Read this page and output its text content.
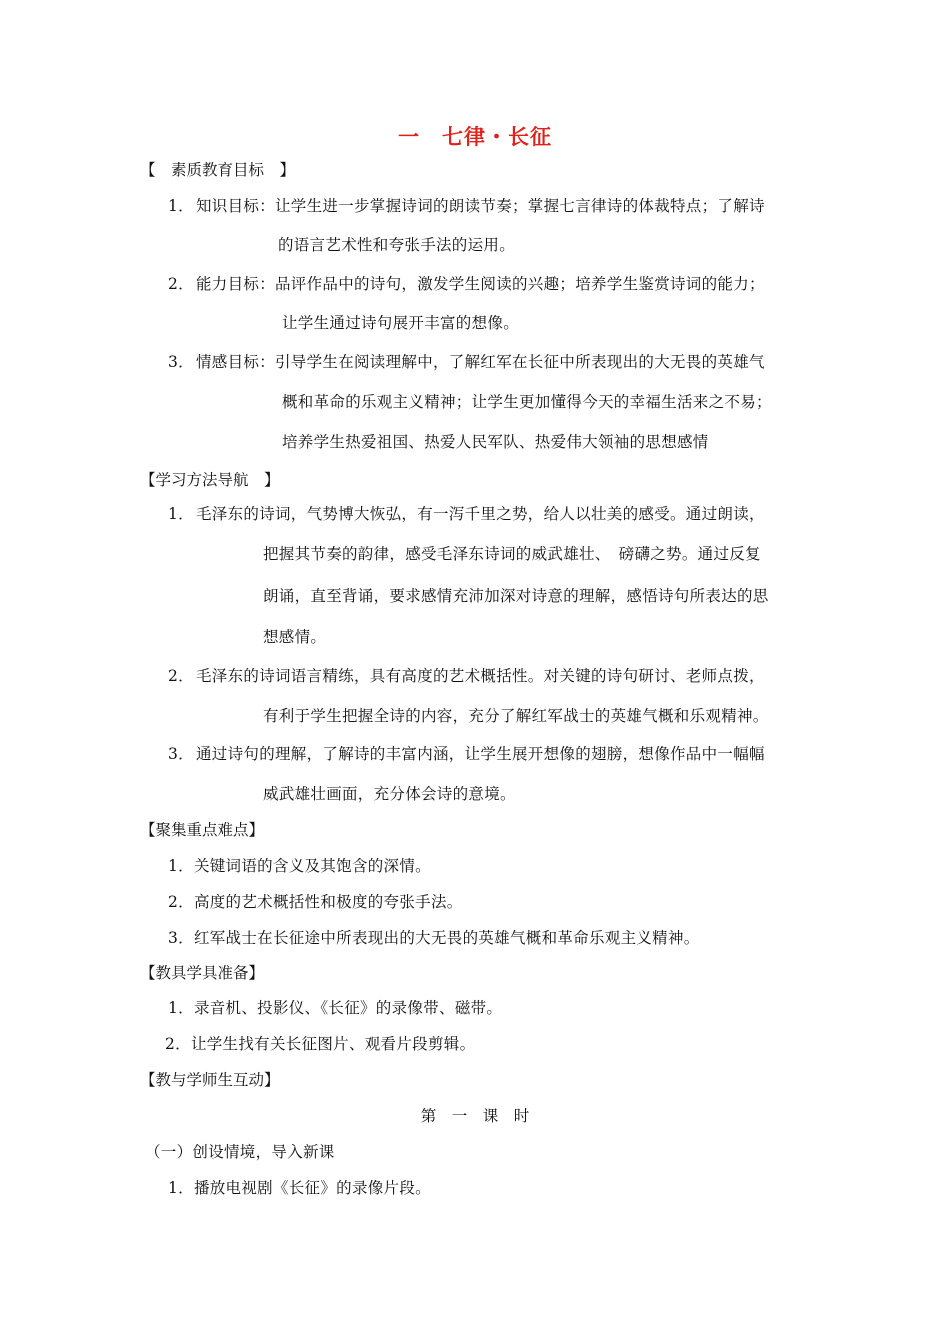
一　七律・长征
【　素质教育目标　】
1． 知识目标：让学生进一步掌握诗词的朗读节奏；掌握七言律诗的体裁特点；了解诗
的语言艺术性和夸张手法的运用。
2． 能力目标：品评作品中的诗句，激发学生阅读的兴趣；培养学生鉴赏诗词的能力；
让学生通过诗句展开丰富的想像。
3． 情感目标：引导学生在阅读理解中，了解红军在长征中所表现出的大无畏的英雄气
概和革命的乐观主义精神；让学生更加懂得今天的幸福生活来之不易；
培养学生热爱祖国、热爱人民军队、热爱伟大领袖的思想感情
【学习方法导航　】
1． 毛泽东的诗词，气势博大恢弘，有一泻千里之势，给人以壮美的感受。通过朗读，
把握其节奏的韵律，感受毛泽东诗词的威武雄壮、　磅礴之势。通过反复
朗诵，直至背诵，要求感情充沛加深对诗意的理解，感悟诗句所表达的思
想感情。
2． 毛泽东的诗词语言精练，具有高度的艺术概括性。对关键的诗句研讨、老师点拨，
有利于学生把握全诗的内容，充分了解红军战士的英雄气概和乐观精神。
3． 通过诗句的理解，了解诗的丰富内涵，让学生展开想像的翅膀，想像作品中一幅幅
威武雄壮画面，充分体会诗的意境。
【聚集重点难点】
1．关键词语的含义及其饱含的深情。
2．高度的艺术概括性和极度的夸张手法。
3．红军战士在长征途中所表现出的大无畏的英雄气概和革命乐观主义精神。
【教具学具准备】
1．录音机、投影仪、《长征》的录像带、磁带。
2．让学生找有关长征图片、观看片段剪辑。
【教与学师生互动】
第　一　课　时
（一）创设情境，导入新课
1．播放电视剧《长征》的录像片段。
